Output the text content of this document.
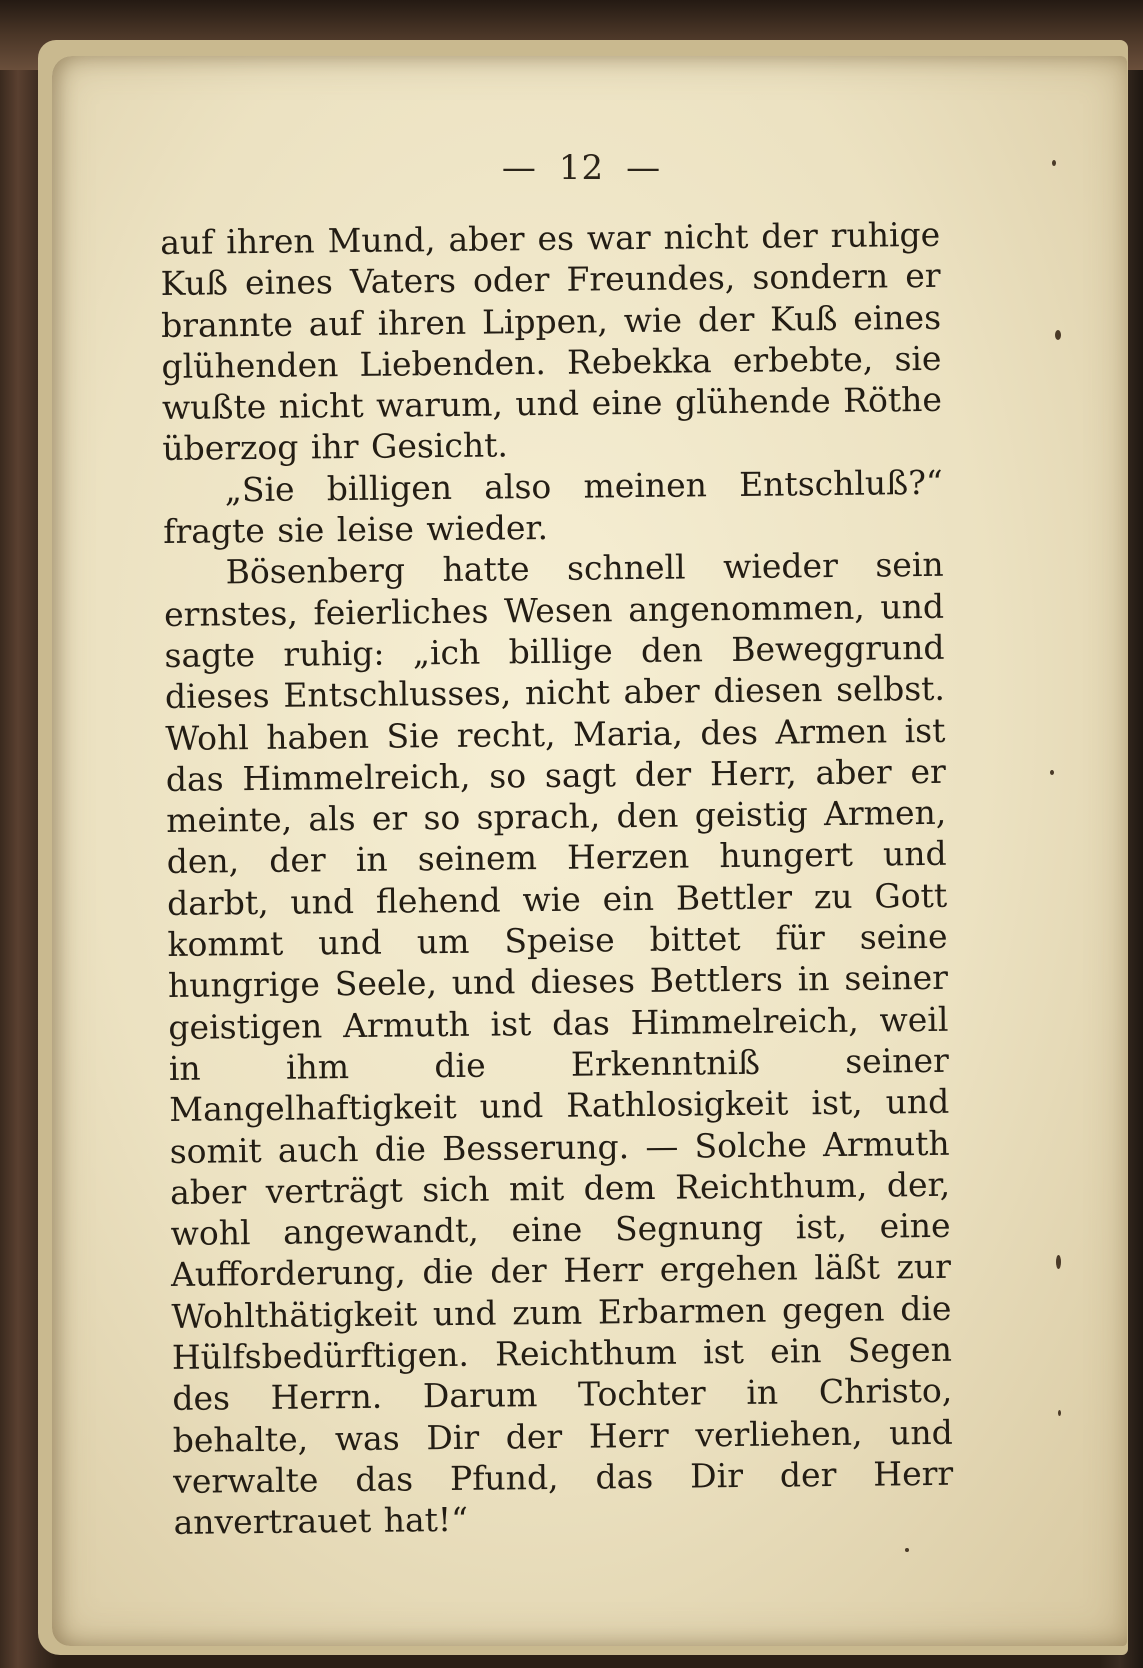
— 12 —

auf ihren Mund, aber es war nicht der ruhige Kuß eines Vaters oder Freundes, sondern er brannte auf ihren Lippen, wie der Kuß eines glühenden Liebenden. Rebekka erbebte, sie wußte nicht warum, und eine glühende Röthe überzog ihr Gesicht.

„Sie billigen also meinen Entschluß?“ fragte sie leise wieder.

Bösenberg hatte schnell wieder sein ernstes, feierliches Wesen angenommen, und sagte ruhig: „ich billige den Beweggrund dieses Entschlusses, nicht aber diesen selbst. Wohl haben Sie recht, Maria, des Armen ist das Himmelreich, so sagt der Herr, aber er meinte, als er so sprach, den geistig Armen, den, der in seinem Herzen hungert und darbt, und flehend wie ein Bettler zu Gott kommt und um Speise bittet für seine hungrige Seele, und dieses Bettlers in seiner geistigen Armuth ist das Himmelreich, weil in ihm die Erkenntniß seiner Mangelhaftigkeit und Rathlosigkeit ist, und somit auch die Besserung. — Solche Armuth aber verträgt sich mit dem Reichthum, der, wohl angewandt, eine Segnung ist, eine Aufforderung, die der Herr ergehen läßt zur Wohlthätigkeit und zum Erbarmen gegen die Hülfsbedürftigen. Reichthum ist ein Segen des Herrn. Darum Tochter in Christo, behalte, was Dir der Herr verliehen, und verwalte das Pfund, das Dir der Herr anvertrauet hat!“
